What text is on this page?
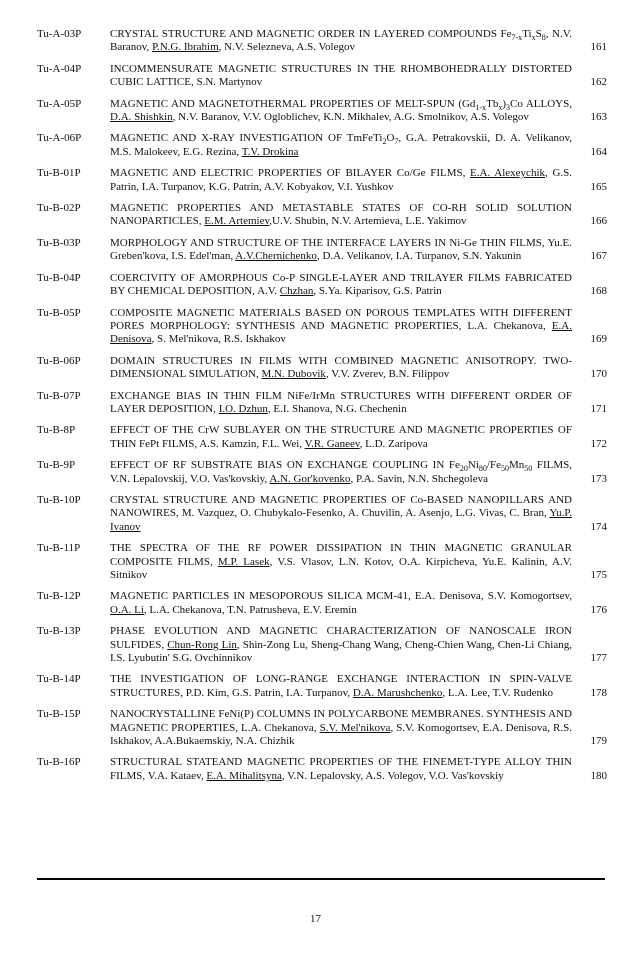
Tu-A-03P	CRYSTAL STRUCTURE AND MAGNETIC ORDER IN LAYERED COMPOUNDS $Fe_{7-x}Ti_xS_8$, N.V. Baranov, P.N.G. Ibrahim, N.V. Selezneva, A.S. Volegov	161
Tu-A-04P	INCOMMENSURATE MAGNETIC STRUCTURES IN THE RHOMBOHEDRALLY DISTORTED CUBIC LATTICE, S.N. Martynov	162
Tu-A-05P	MAGNETIC AND MAGNETOTHERMAL PROPERTIES OF MELT-SPUN $(Gd_{1-x}Tb_x)_3Co$ ALLOYS, D.A. Shishkin, N.V. Baranov, V.V. Ogloblichev, K.N. Mikhalev, A.G. Smolnikov, A.S. Volegov	163
Tu-A-06P	MAGNETIC AND X-RAY INVESTIGATION OF $TmFeTi_2O_7$, G.A. Petrakovskii, D. A. Velikanov, M.S. Malokeev, E.G. Rezina, T.V. Drokina	164
Tu-B-01P	MAGNETIC AND ELECTRIC PROPERTIES OF BILAYER Co/Ge FILMS, E.A. Alexeychik, G.S. Patrin, I.A. Turpanov, K.G. Patrin, A.V. Kobyakov, V.I. Yushkov	165
Tu-B-02P	MAGNETIC PROPERTIES AND METASTABLE STATES OF CO-RH SOLID SOLUTION NANOPARTICLES, E.M. Artemiev,U.V. Shubin, N.V. Artemieva, L.E. Yakimov	166
Tu-B-03P	MORPHOLOGY AND STRUCTURE OF THE INTERFACE LAYERS IN Ni-Ge THIN FILMS, Yu.E. Greben'kova, I.S. Edel'man, A.V.Chernichenko, D.A. Velikanov, I.A. Turpanov, S.N. Yakunin	167
Tu-B-04P	COERCIVITY OF AMORPHOUS Co-P SINGLE-LAYER AND TRILAYER FILMS FABRICATED BY CHEMICAL DEPOSITION, A.V. Chzhan, S.Ya. Kiparisov, G.S. Patrin	168
Tu-B-05P	COMPOSITE MAGNETIC MATERIALS BASED ON POROUS TEMPLATES WITH DIFFERENT PORES MORPHOLOGY: SYNTHESIS AND MAGNETIC PROPERTIES, L.A. Chekanova, E.A. Denisova, S. Mel'nikova, R.S. Iskhakov	169
Tu-B-06P	DOMAIN STRUCTURES IN FILMS WITH COMBINED MAGNETIC ANISOTROPY. TWO-DIMENSIONAL SIMULATION, M.N. Dubovik, V.V. Zverev, B.N. Filippov	170
Tu-B-07P	EXCHANGE BIAS IN THIN FILM NiFe/IrMn STRUCTURES WITH DIFFERENT ORDER OF LAYER DEPOSITION, I.O. Dzhun, E.I. Shanova, N.G. Chechenin	171
Tu-B-8P	EFFECT OF THE CrW SUBLAYER ON THE STRUCTURE AND MAGNETIC PROPERTIES OF THIN FePt FILMS, A.S. Kamzin, F.L. Wei, V.R. Ganeev, L.D. Zaripova	172
Tu-B-9P	EFFECT OF RF SUBSTRATE BIAS ON EXCHANGE COUPLING IN $Fe_{20}Ni_{80}/Fe_{50}Mn_{50}$ FILMS, V.N. Lepalovskij, V.O. Vas'kovskiy, A.N. Gor'kovenko, P.A. Savin, N.N. Shchegoleva	173
Tu-B-10P	CRYSTAL STRUCTURE AND MAGNETIC PROPERTIES OF Co-BASED NANOPILLARS AND NANOWIRES, M. Vazquez, O. Chubykalo-Fesenko, A. Chuvilin, A. Asenjo, L.G. Vivas, C. Bran, Yu.P. Ivanov	174
Tu-B-11P	THE SPECTRA OF THE RF POWER DISSIPATION IN THIN MAGNETIC GRANULAR COMPOSITE FILMS, M.P. Lasek, V.S. Vlasov, L.N. Kotov, O.A. Kirpicheva, Yu.E. Kalinin, A.V. Sitnikov	175
Tu-B-12P	MAGNETIC PARTICLES IN MESOPOROUS SILICA MCM-41, E.A. Denisova, S.V. Komogortsev, O.A. Li, L.A. Chekanova, T.N. Patrusheva, E.V. Eremin	176
Tu-B-13P	PHASE EVOLUTION AND MAGNETIC CHARACTERIZATION OF NANOSCALE IRON SULFIDES, Chun-Rong Lin, Shin-Zong Lu, Sheng-Chang Wang, Cheng-Chien Wang, Chen-Li Chiang, I.S. Lyubutin' S.G. Ovchinnikov	177
Tu-B-14P	THE INVESTIGATION OF LONG-RANGE EXCHANGE INTERACTION IN SPIN-VALVE STRUCTURES, P.D. Kim, G.S. Patrin, I.A. Turpanov, D.A. Marushchenko, L.A. Lee, T.V. Rudenko	178
Tu-B-15P	NANOCRYSTALLINE FeNi(P) COLUMNS IN POLYCARBONE MEMBRANES. SYNTHESIS AND MAGNETIC PROPERTIES, L.A. Chekanova, S.V. Mel'nikova, S.V. Komogortsev, E.A. Denisova, R.S. Iskhakov, A.A.Bukaemskiy, N.A. Chizhik	179
Tu-B-16P	STRUCTURAL STATEAND MAGNETIC PROPERTIES OF THE FINEMET-TYPE ALLOY THIN FILMS, V.A. Kataev, E.A. Mihalitsyna, V.N. Lepalovsky, A.S. Volegov, V.O. Vas'kovskiy	180
17
